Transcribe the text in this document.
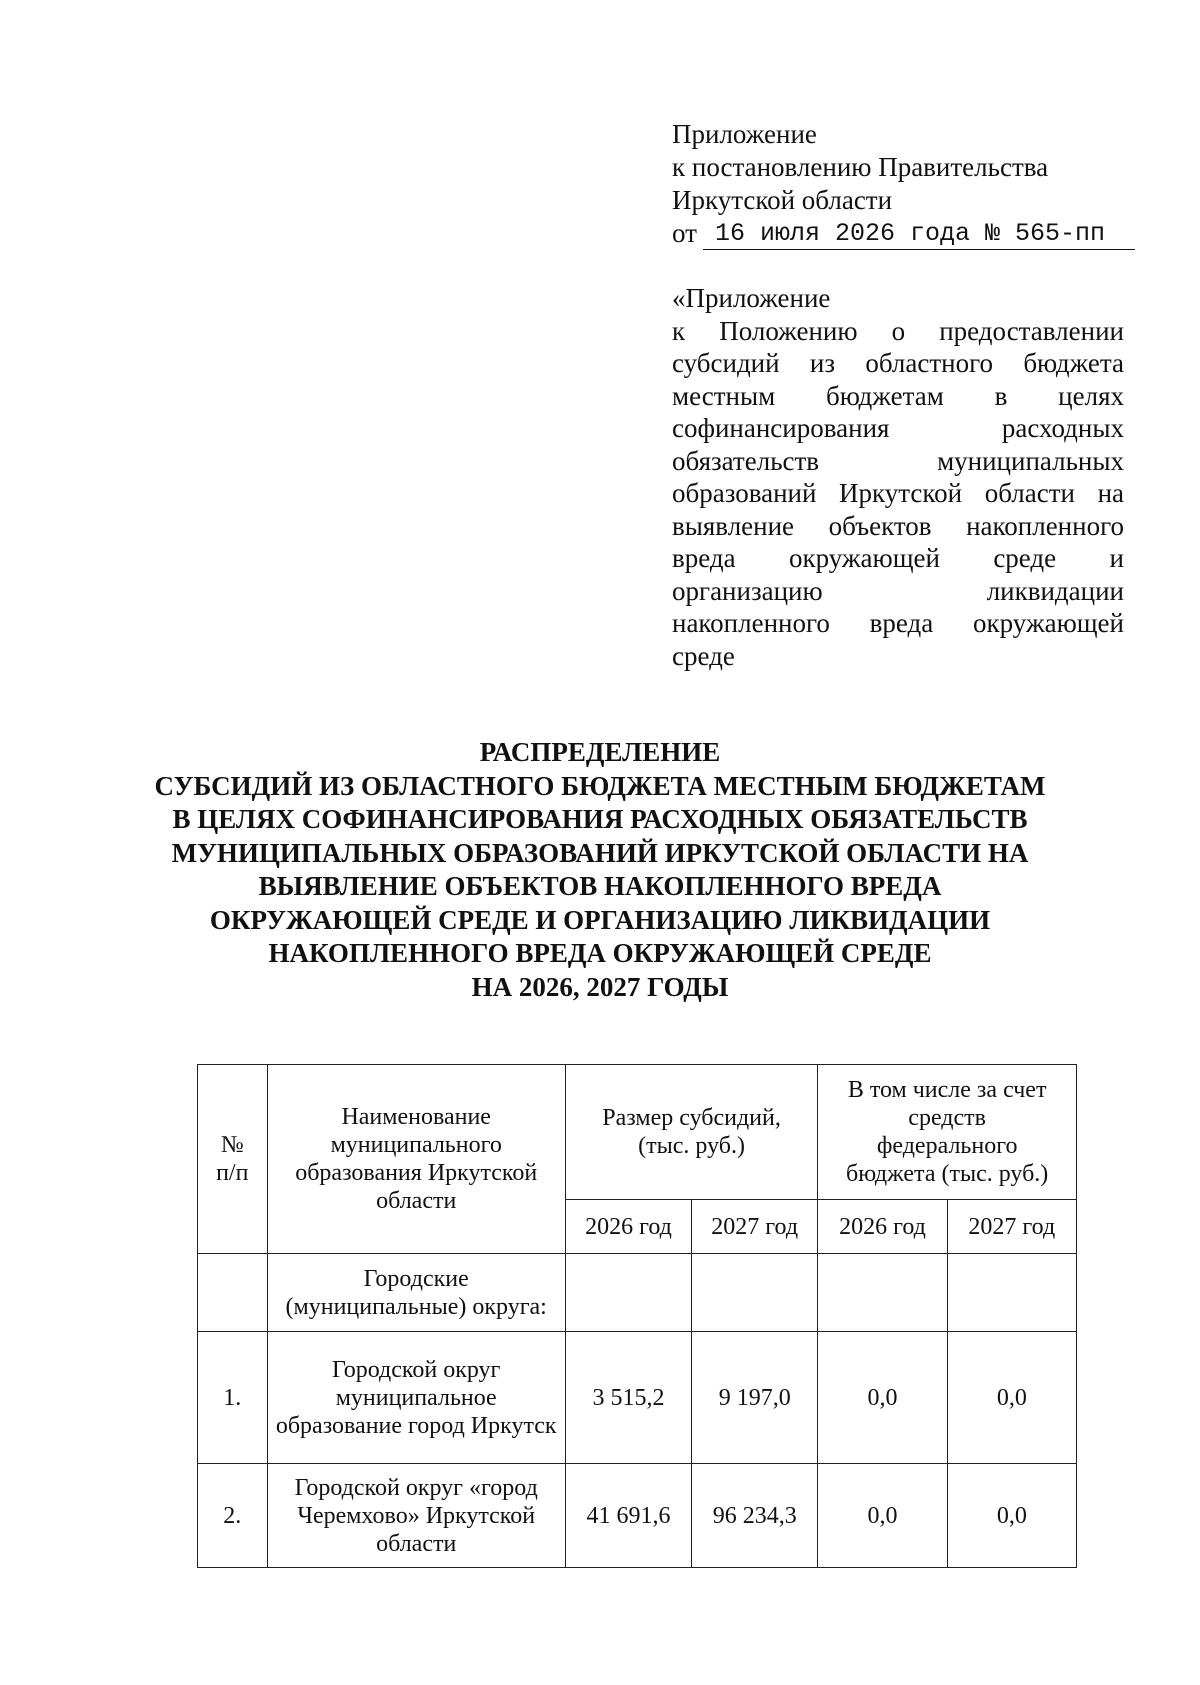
Приложение
к постановлению Правительства
Иркутской области
от 16 июля 2026 года № 565-пп
«Приложение
к Положению о предоставлении субсидий из областного бюджета местным бюджетам в целях софинансирования расходных обязательств муниципальных образований Иркутской области на выявление объектов накопленного вреда окружающей среде и организацию ликвидации накопленного вреда окружающей среде
РАСПРЕДЕЛЕНИЕ
СУБСИДИЙ ИЗ ОБЛАСТНОГО БЮДЖЕТА МЕСТНЫМ БЮДЖЕТАМ
В ЦЕЛЯХ СОФИНАНСИРОВАНИЯ РАСХОДНЫХ ОБЯЗАТЕЛЬСТВ
МУНИЦИПАЛЬНЫХ ОБРАЗОВАНИЙ ИРКУТСКОЙ ОБЛАСТИ НА
ВЫЯВЛЕНИЕ ОБЪЕКТОВ НАКОПЛЕННОГО ВРЕДА
ОКРУЖАЮЩЕЙ СРЕДЕ И ОРГАНИЗАЦИЮ ЛИКВИДАЦИИ
НАКОПЛЕННОГО ВРЕДА ОКРУЖАЮЩЕЙ СРЕДЕ
НА 2026, 2027 ГОДЫ
№ п/п	Наименование муниципального образования Иркутской области	Размер субсидий, (тыс. руб.)		В том числе за счет средств федерального бюджета (тыс. руб.)	

		2026 год	2027 год	2026 год	2027 год

	Городские (муниципальные) округа:				

1.	Городской округ муниципальное образование город Иркутск	3 515,2	9 197,0	0,0	0,0
2.	Городской округ «город Черемхово» Иркутской области	41 691,6	96 234,3	0,0	0,0
